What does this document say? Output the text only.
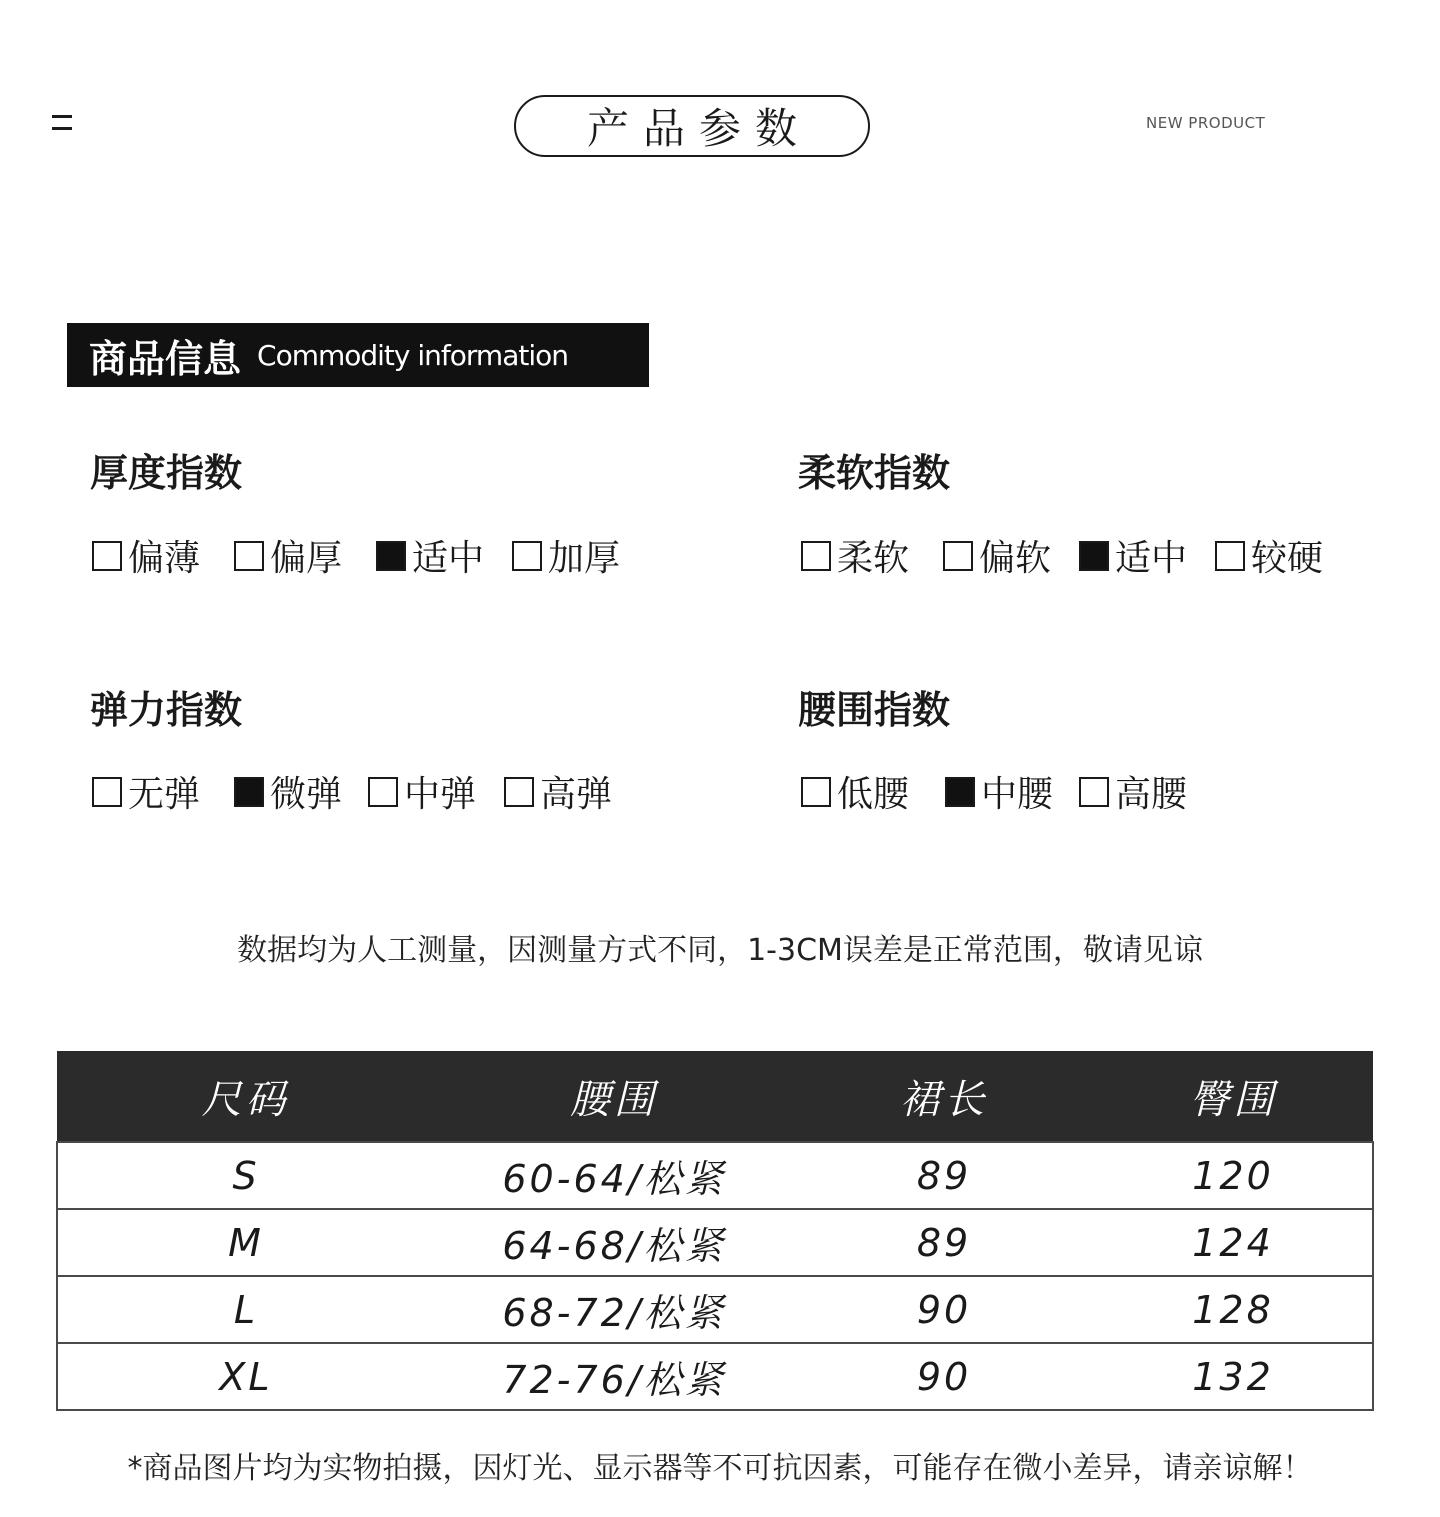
产品参数	NEW PRODUCT
商品信息 Commodity information
厚度指数
偏薄 偏厚 适中 加厚
柔软指数
柔软 偏软 适中 较硬
弹力指数
无弹 微弹 中弹 高弹
腰围指数
低腰 中腰 高腰
数据均为人工测量，因测量方式不同，1-3CM误差是正常范围，敬请见谅
尺码	腰围	裙长	臀围
S	60-64/松紧	89	120
M	64-68/松紧	89	124
L	68-72/松紧	90	128
XL	72-76/松紧	90	132
*商品图片均为实物拍摄，因灯光、显示器等不可抗因素，可能存在微小差异，请亲谅解！
